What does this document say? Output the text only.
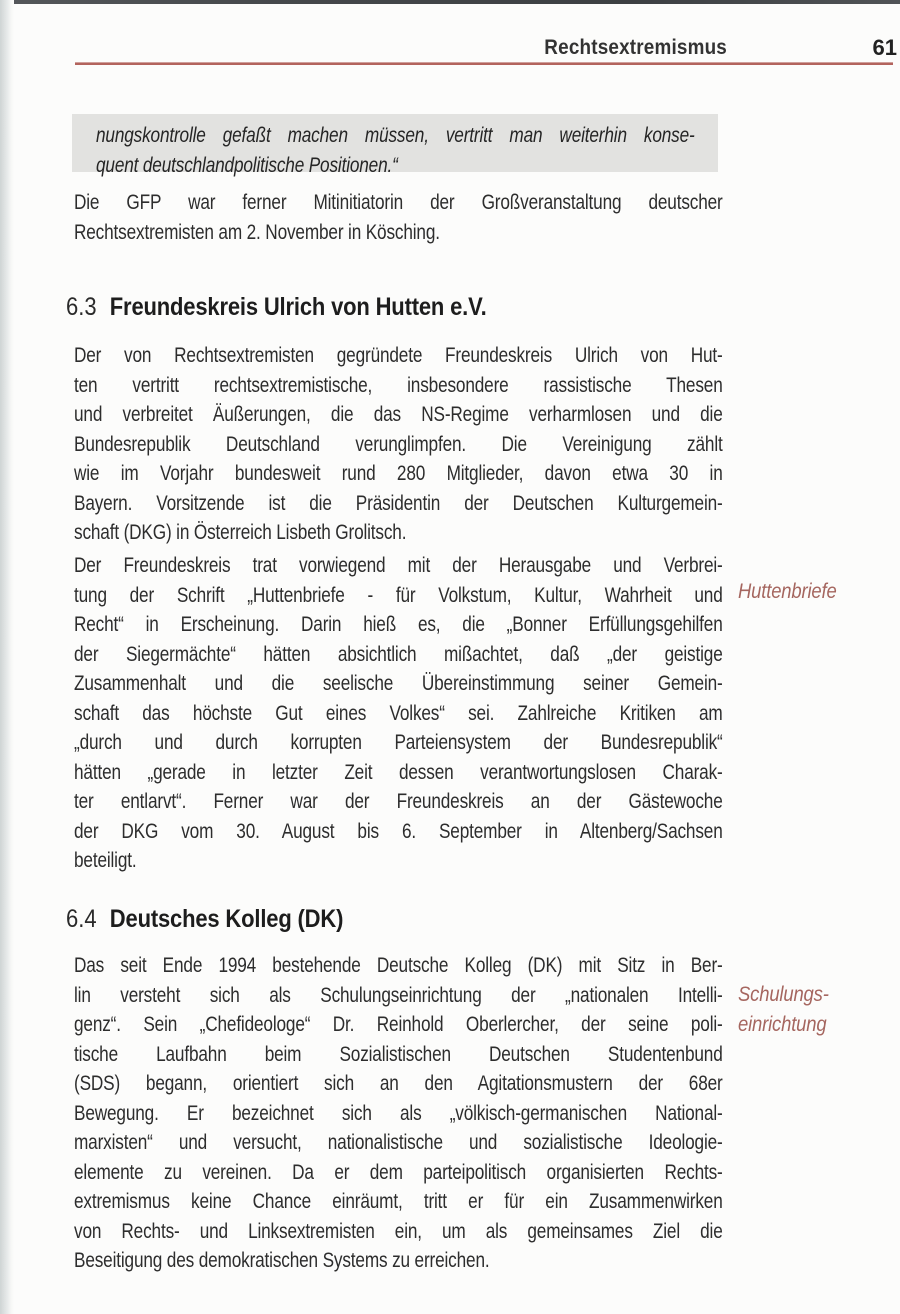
Rechtsextremismus	61
nungskontrolle gefaßt machen müssen, vertritt man weiterhin konse-
quent deutschlandpolitische Positionen.“
Die GFP war ferner Mitinitiatorin der Großveranstaltung deutscher
Rechtsextremisten am 2. November in Kösching.
6.3 Freundeskreis Ulrich von Hutten e.V.
Der von Rechtsextremisten gegründete Freundeskreis Ulrich von Hut-
ten vertritt rechtsextremistische, insbesondere rassistische Thesen
und verbreitet Äußerungen, die das NS-Regime verharmlosen und die
Bundesrepublik Deutschland verunglimpfen. Die Vereinigung zählt
wie im Vorjahr bundesweit rund 280 Mitglieder, davon etwa 30 in
Bayern. Vorsitzende ist die Präsidentin der Deutschen Kulturgemein-
schaft (DKG) in Österreich Lisbeth Grolitsch.
Der Freundeskreis trat vorwiegend mit der Herausgabe und Verbrei-
tung der Schrift „Huttenbriefe - für Volkstum, Kultur, Wahrheit und
Recht“ in Erscheinung. Darin hieß es, die „Bonner Erfüllungsgehilfen
der Siegermächte“ hätten absichtlich mißachtet, daß „der geistige
Zusammenhalt und die seelische Übereinstimmung seiner Gemein-
schaft das höchste Gut eines Volkes“ sei. Zahlreiche Kritiken am
„durch und durch korrupten Parteiensystem der Bundesrepublik“
hätten „gerade in letzter Zeit dessen verantwortungslosen Charak-
ter entlarvt“. Ferner war der Freundeskreis an der Gästewoche
der DKG vom 30. August bis 6. September in Altenberg/Sachsen
beteiligt.
Huttenbriefe
6.4 Deutsches Kolleg (DK)
Das seit Ende 1994 bestehende Deutsche Kolleg (DK) mit Sitz in Ber-
lin versteht sich als Schulungseinrichtung der „nationalen Intelli-
genz“. Sein „Chefideologe“ Dr. Reinhold Oberlercher, der seine poli-
tische Laufbahn beim Sozialistischen Deutschen Studentenbund
(SDS) begann, orientiert sich an den Agitationsmustern der 68er
Bewegung. Er bezeichnet sich als „völkisch-germanischen National-
marxisten“ und versucht, nationalistische und sozialistische Ideologie-
elemente zu vereinen. Da er dem parteipolitisch organisierten Rechts-
extremismus keine Chance einräumt, tritt er für ein Zusammenwirken
von Rechts- und Linksextremisten ein, um als gemeinsames Ziel die
Beseitigung des demokratischen Systems zu erreichen.
Schulungs-
einrichtung
